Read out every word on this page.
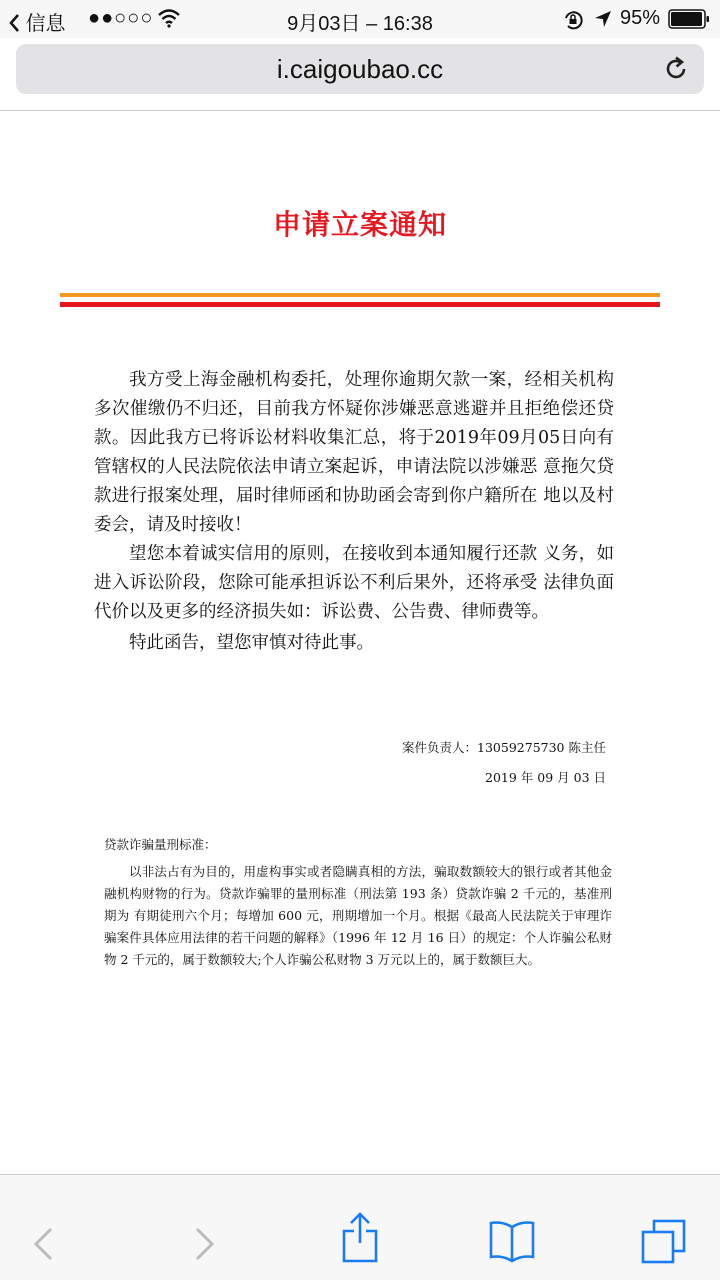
信息 ●●○○○	9月03日 – 16:38	95%
i.caigoubao.cc
申请立案通知

我方受上海金融机构委托，处理你逾期欠款一案，经相关机构多次催缴仍不归还，目前我方怀疑你涉嫌恶意逃避并且拒绝偿还贷款。因此我方已将诉讼材料收集汇总，将于2019年09月05日向有管辖权的人民法院依法申请立案起诉，申请法院以涉嫌恶 意拖欠贷款进行报案处理，届时律师函和协助函会寄到你户籍所在 地以及村委会，请及时接收！

望您本着诚实信用的原则，在接收到本通知履行还款 义务，如进入诉讼阶段，您除可能承担诉讼不利后果外，还将承受 法律负面代价以及更多的经济损失如：诉讼费、公告费、律师费等。

特此函告，望您审慎对待此事。

案件负责人：13059275730 陈主任
2019 年 09 月 03 日
贷款诈骗量刑标准：

以非法占有为目的，用虚构事实或者隐瞒真相的方法，骗取数额较大的银行或者其他金融机构财物的行为。贷款诈骗罪的量刑标准（刑法第 193 条）贷款诈骗 2 千元的，基准刑期为 有期徒刑六个月；每增加 600 元，刑期增加一个月。根据《最高人民法院关于审理诈骗案件具体应用法律的若干问题的解释》（1996 年 12 月 16 日）的规定：个人诈骗公私财物 2 千元的，属于数额较大;个人诈骗公私财物 3 万元以上的，属于数额巨大。
